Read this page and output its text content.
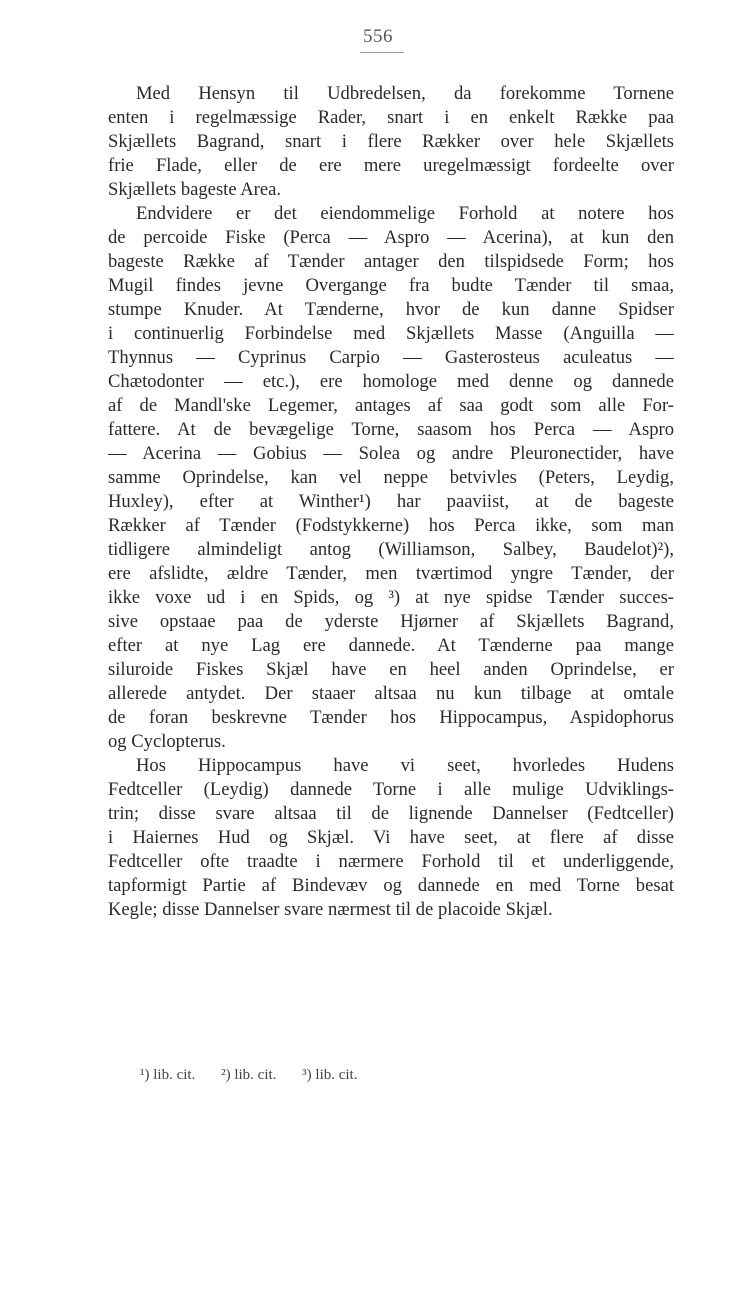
556
Med Hensyn til Udbredelsen, da forekomme Tornene
enten i regelmæssige Rader, snart i en enkelt Række paa
Skjællets Bagrand, snart i flere Rækker over hele Skjællets
frie Flade, eller de ere mere uregelmæssigt fordeelte over
Skjællets bageste Area.
Endvidere er det eiendommelige Forhold at notere hos
de percoide Fiske (Perca — Aspro — Acerina), at kun den
bageste Række af Tænder antager den tilspidsede Form; hos
Mugil findes jevne Overgange fra budte Tænder til smaa,
stumpe Knuder. At Tænderne, hvor de kun danne Spidser
i continuerlig Forbindelse med Skjællets Masse (Anguilla —
Thynnus — Cyprinus Carpio — Gasterosteus aculeatus —
Chætodonter — etc.), ere homologe med denne og dannede
af de Mandl'ske Legemer, antages af saa godt som alle For-
fattere. At de bevægelige Torne, saasom hos Perca — Aspro
— Acerina — Gobius — Solea og andre Pleuronectider, have
samme Oprindelse, kan vel neppe betvivles (Peters, Leydig,
Huxley), efter at Winther¹) har paaviist, at de bageste
Rækker af Tænder (Fodstykkerne) hos Perca ikke, som man
tidligere almindeligt antog (Williamson, Salbey, Baudelot)²),
ere afslidte, ældre Tænder, men tværtimod yngre Tænder, der
ikke voxe ud i en Spids, og ³) at nye spidse Tænder succes-
sive opstaae paa de yderste Hjørner af Skjællets Bagrand,
efter at nye Lag ere dannede. At Tænderne paa mange
siluroide Fiskes Skjæl have en heel anden Oprindelse, er
allerede antydet. Der staaer altsaa nu kun tilbage at omtale
de foran beskrevne Tænder hos Hippocampus, Aspidophorus
og Cyclopterus.
Hos Hippocampus have vi seet, hvorledes Hudens
Fedtceller (Leydig) dannede Torne i alle mulige Udviklings-
trin; disse svare altsaa til de lignende Dannelser (Fedtceller)
i Haiernes Hud og Skjæl. Vi have seet, at flere af disse
Fedtceller ofte traadte i nærmere Forhold til et underliggende,
tapformigt Partie af Bindevæv og dannede en med Torne besat
Kegle; disse Dannelser svare nærmest til de placoide Skjæl.
¹) lib. cit. ²) lib. cit. ³) lib. cit.
